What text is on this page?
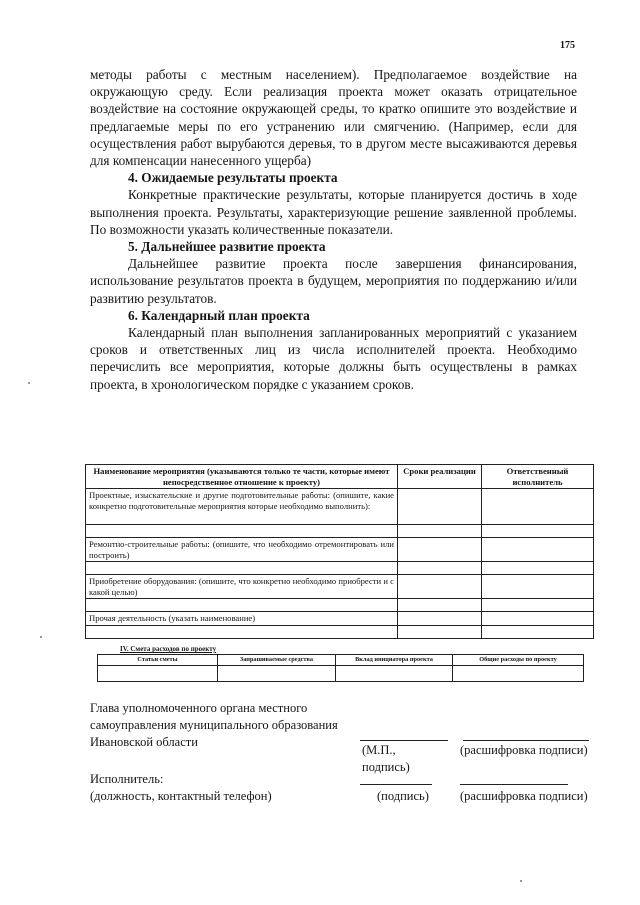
175

методы работы с местным населением). Предполагаемое воздействие на окружающую среду. Если реализация проекта может оказать отрицательное воздействие на состояние окружающей среды, то кратко опишите это воздействие и предлагаемые меры по его устранению или смягчению. (Например, если для осуществления работ вырубаются деревья, то в другом месте высаживаются деревья для компенсации нанесенного ущерба)

4. Ожидаемые результаты проекта

Конкретные практические результаты, которые планируется достичь в ходе выполнения проекта. Результаты, характеризующие решение заявленной проблемы. По возможности указать количественные показатели.

5. Дальнейшее развитие проекта

Дальнейшее развитие проекта после завершения финансирования, использование результатов проекта в будущем, мероприятия по поддержанию и/или развитию результатов.

6. Календарный план проекта

Календарный план выполнения запланированных мероприятий с указанием сроков и ответственных лиц из числа исполнителей проекта. Необходимо перечислить все мероприятия, которые должны быть осуществлены в рамках проекта, в хронологическом порядке с указанием сроков.

Наименование мероприятия (указываются только те части, которые имеют непосредственное отношение к проекту)	Сроки реализации	Ответственный исполнитель
Проектные, изыскательские и другие подготовительные работы: (опишите, какие конкретно подготовительные мероприятия которые необходимо выполнить):		

Ремонтно-строительные работы: (опишите, что необходимо отремонтировать или построить)		

Приобретение оборудования: (опишите, что конкретно необходимо приобрести и с какой целью)		

Прочая деятельность (указать наименование)		

IV. Смета расходов по проекту
Статьи сметы	Запрашиваемые средства	Вклад инициатора проекта	Общие расходы по проекту

Глава уполномоченного органа местного
самоуправления муниципального образования
Ивановской области
(М.П.,
подпись)
(расшифровка подписи)
Исполнитель:
(должность, контактный телефон)	(подпись) (расшифровка подписи)
